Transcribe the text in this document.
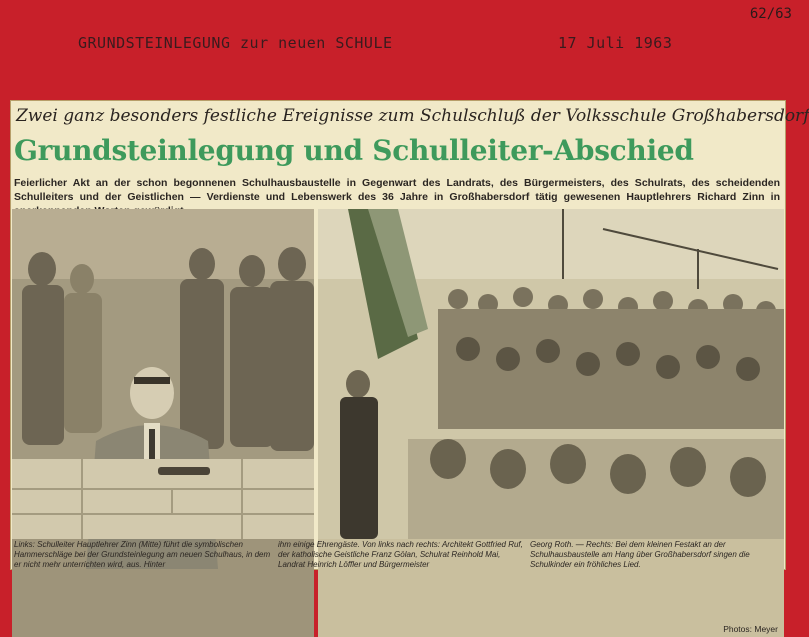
62/63
GRUNDSTEINLEGUNG zur neuen SCHULE	17 Juli 1963
Zwei ganz besonders festliche Ereignisse zum Schulschluß der Volksschule Großhabersdorf
Grundsteinlegung und Schulleiter-Abschied
Feierlicher Akt an der schon begonnenen Schulhausbaustelle in Gegenwart des Landrats, des Bürgermeisters, des Schulrats, des scheidenden Schulleiters und der Geistlichen — Verdienste und Lebenswerk des 36 Jahre in Großhabersdorf tätig gewesenen Hauptlehrers Richard Zinn in
Photos: Meyer
Links: Schulleiter Hauptlehrer Zinn (Mitte) führt die symbolischen Hammerschläge bei der Grundsteinlegung am neuen Schulhaus, in dem er nicht mehr unterrichten wird, aus. Hinter
ihm einige Ehrengäste. Von links nach rechts: Architekt Gottfried Ruf, der katholische Geistliche Franz Gölan, Schulrat Reinhold Mai, Landrat Heinrich Löffler und Bürgermeister
Georg Roth. — Rechts: Bei dem kleinen Festakt an der Schulhausbaustelle am Hang über Großhabersdorf singen die Schulkinder ein fröhliches Lied.
